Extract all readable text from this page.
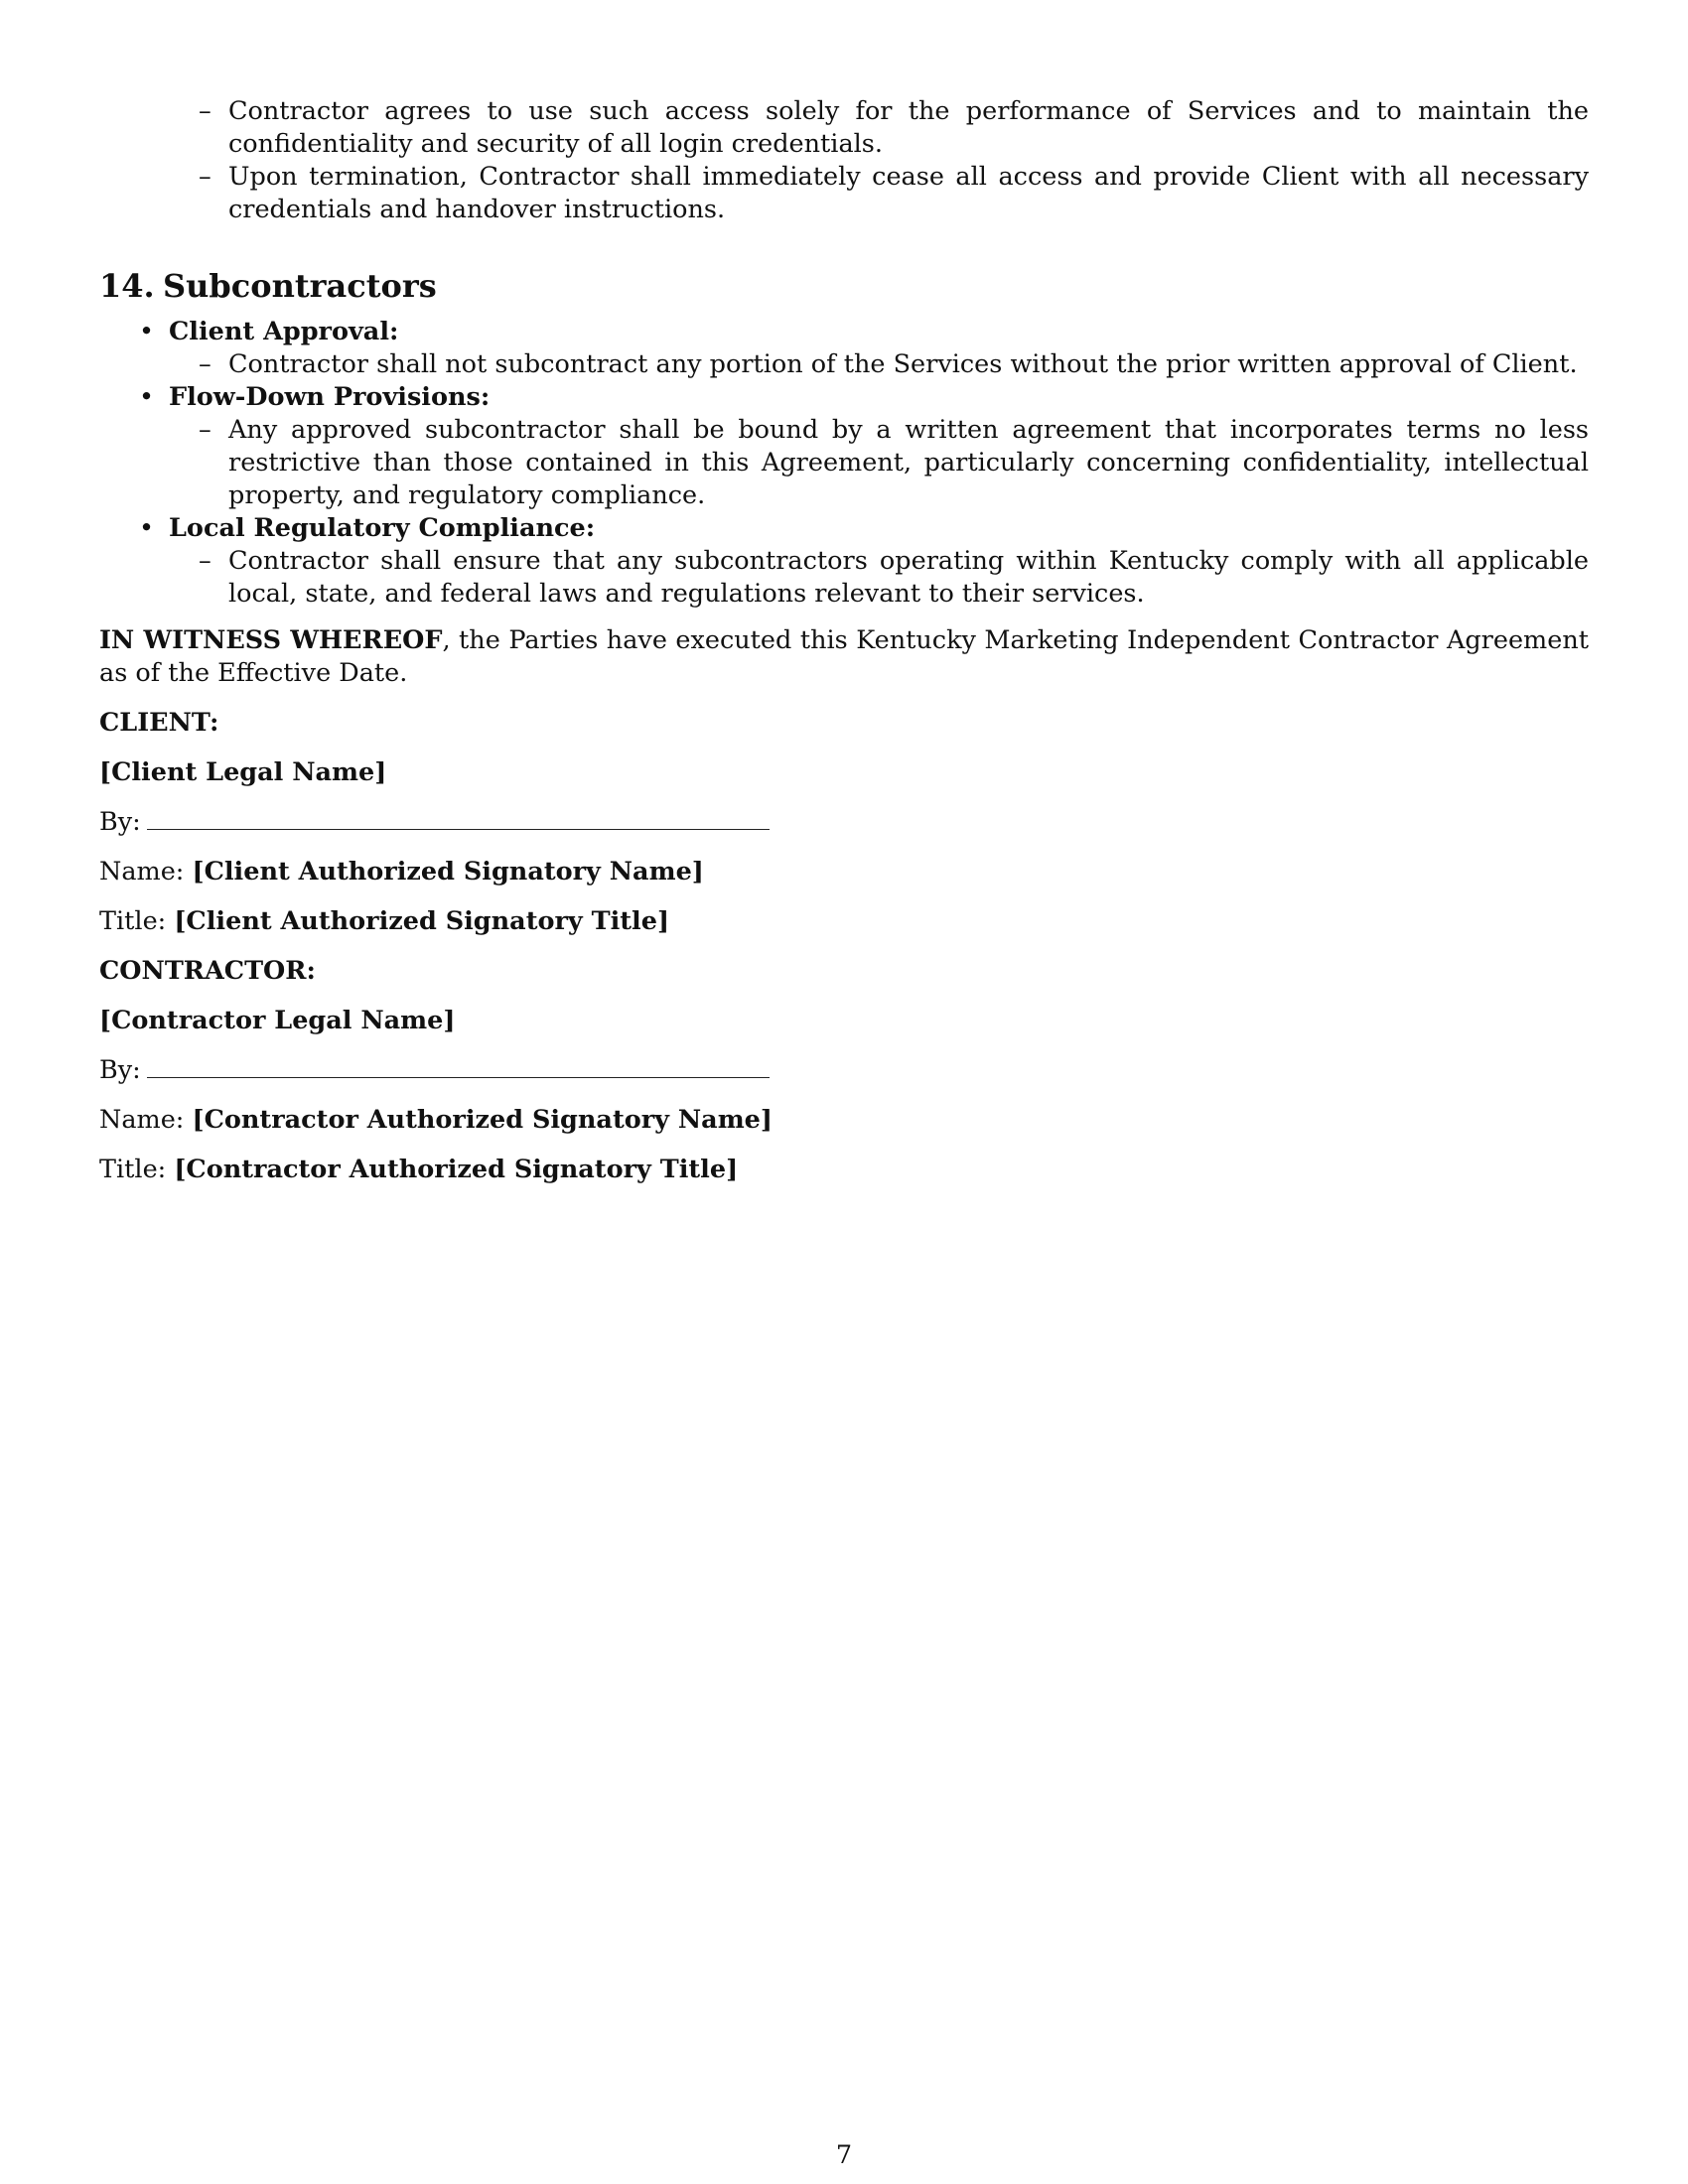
– Contractor agrees to use such access solely for the performance of Services and to maintain the confidentiality and security of all login credentials.
– Upon termination, Contractor shall immediately cease all access and provide Client with all necessary credentials and handover instructions.
14. Subcontractors
• Client Approval:
– Contractor shall not subcontract any portion of the Services without the prior written approval of Client.
• Flow-Down Provisions:
– Any approved subcontractor shall be bound by a written agreement that incorporates terms no less restrictive than those contained in this Agreement, particularly concerning confidentiality, intellectual property, and regulatory compliance.
• Local Regulatory Compliance:
– Contractor shall ensure that any subcontractors operating within Kentucky comply with all applicable local, state, and federal laws and regulations relevant to their services.
IN WITNESS WHEREOF, the Parties have executed this Kentucky Marketing Independent Contractor Agreement as of the Effective Date.
CLIENT:
[Client Legal Name]
By:
Name: [Client Authorized Signatory Name]
Title: [Client Authorized Signatory Title]
CONTRACTOR:
[Contractor Legal Name]
By:
Name: [Contractor Authorized Signatory Name]
Title: [Contractor Authorized Signatory Title]
7
